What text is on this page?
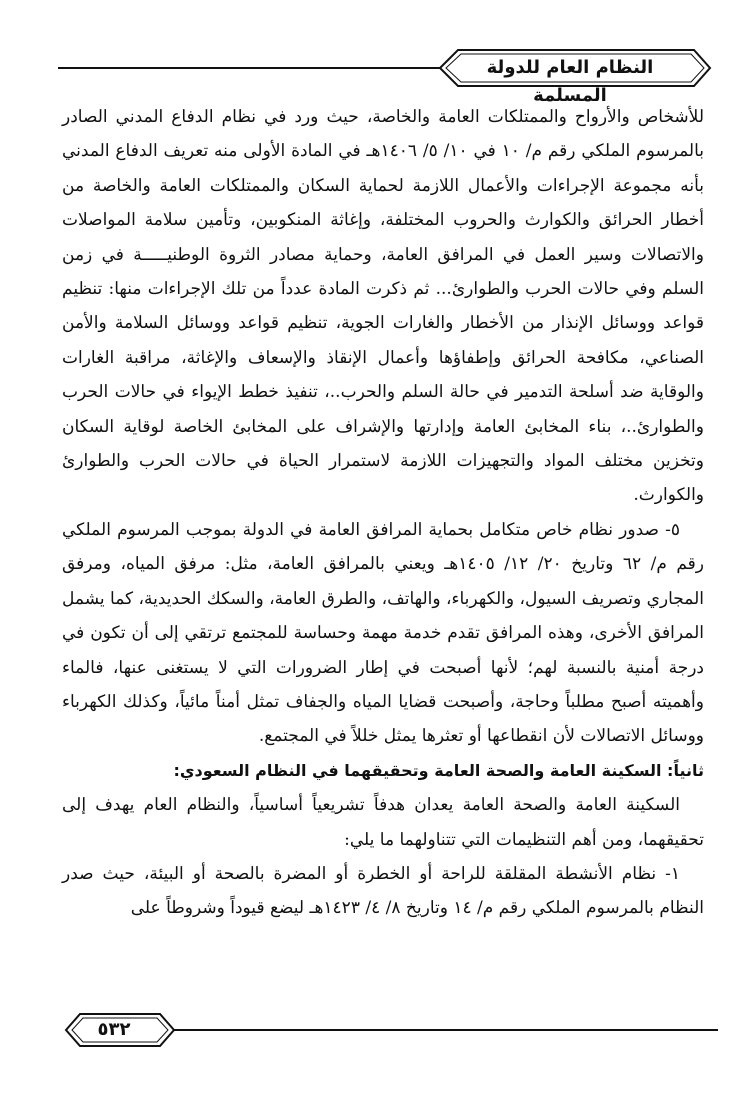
النظام العام للدولة المسلمة

للأشخاص والأرواح والممتلكات العامة والخاصة، حيث ورد في نظام الدفاع المدني الصادر بالمرسوم الملكي رقم م/ ١٠ في ١٠/ ٥/ ١٤٠٦هـ في المادة الأولى منه تعريف الدفاع المدني بأنه مجموعة الإجراءات والأعمال اللازمة لحماية السكان والممتلكات العامة والخاصة من أخطار الحرائق والكوارث والحروب المختلفة، وإغاثة المنكوبين، وتأمين سلامة المواصلات والاتصالات وسير العمل في المرافق العامة، وحماية مصادر الثروة الوطنيـــــة في زمن السلم وفي حالات الحرب والطوارئ... ثم ذكرت المادة عدداً من تلك الإجراءات منها: تنظيم قواعد ووسائل الإنذار من الأخطار والغارات الجوية، تنظيم قواعد ووسائل السلامة والأمن الصناعي، مكافحة الحرائق وإطفاؤها وأعمال الإنقاذ والإسعاف والإغاثة، مراقبة الغارات والوقاية ضد أسلحة التدمير في حالة السلم والحرب..، تنفيذ خطط الإيواء في حالات الحرب والطوارئ..، بناء المخابئ العامة وإدارتها والإشراف على المخابئ الخاصة لوقاية السكان وتخزين مختلف المواد والتجهيزات اللازمة لاستمرار الحياة في حالات الحرب والطوارئ والكوارث.

٥- صدور نظام خاص متكامل بحماية المرافق العامة في الدولة بموجب المرسوم الملكي رقم م/ ٦٢ وتاريخ ٢٠/ ١٢/ ١٤٠٥هـ ويعني بالمرافق العامة، مثل: مرفق المياه، ومرفق المجاري وتصريف السيول، والكهرباء، والهاتف، والطرق العامة، والسكك الحديدية، كما يشمل المرافق الأخرى، وهذه المرافق تقدم خدمة مهمة وحساسة للمجتمع ترتقي إلى أن تكون في درجة أمنية بالنسبة لهم؛ لأنها أصبحت في إطار الضرورات التي لا يستغنى عنها، فالماء وأهميته أصبح مطلباً وحاجة، وأصبحت قضايا المياه والجفاف تمثل أمناً مائياً، وكذلك الكهرباء ووسائل الاتصالات لأن انقطاعها أو تعثرها يمثل خللاً في المجتمع.

ثانياً: السكينة العامة والصحة العامة وتحقيقهما في النظام السعودي:

السكينة العامة والصحة العامة يعدان هدفاً تشريعياً أساسياً، والنظام العام يهدف إلى تحقيقهما، ومن أهم التنظيمات التي تتناولهما ما يلي:

١- نظام الأنشطة المقلقة للراحة أو الخطرة أو المضرة بالصحة أو البيئة، حيث صدر النظام بالمرسوم الملكي رقم م/ ١٤ وتاريخ ٨/ ٤/ ١٤٢٣هـ ليضع قيوداً وشروطاً على

٥٣٢
